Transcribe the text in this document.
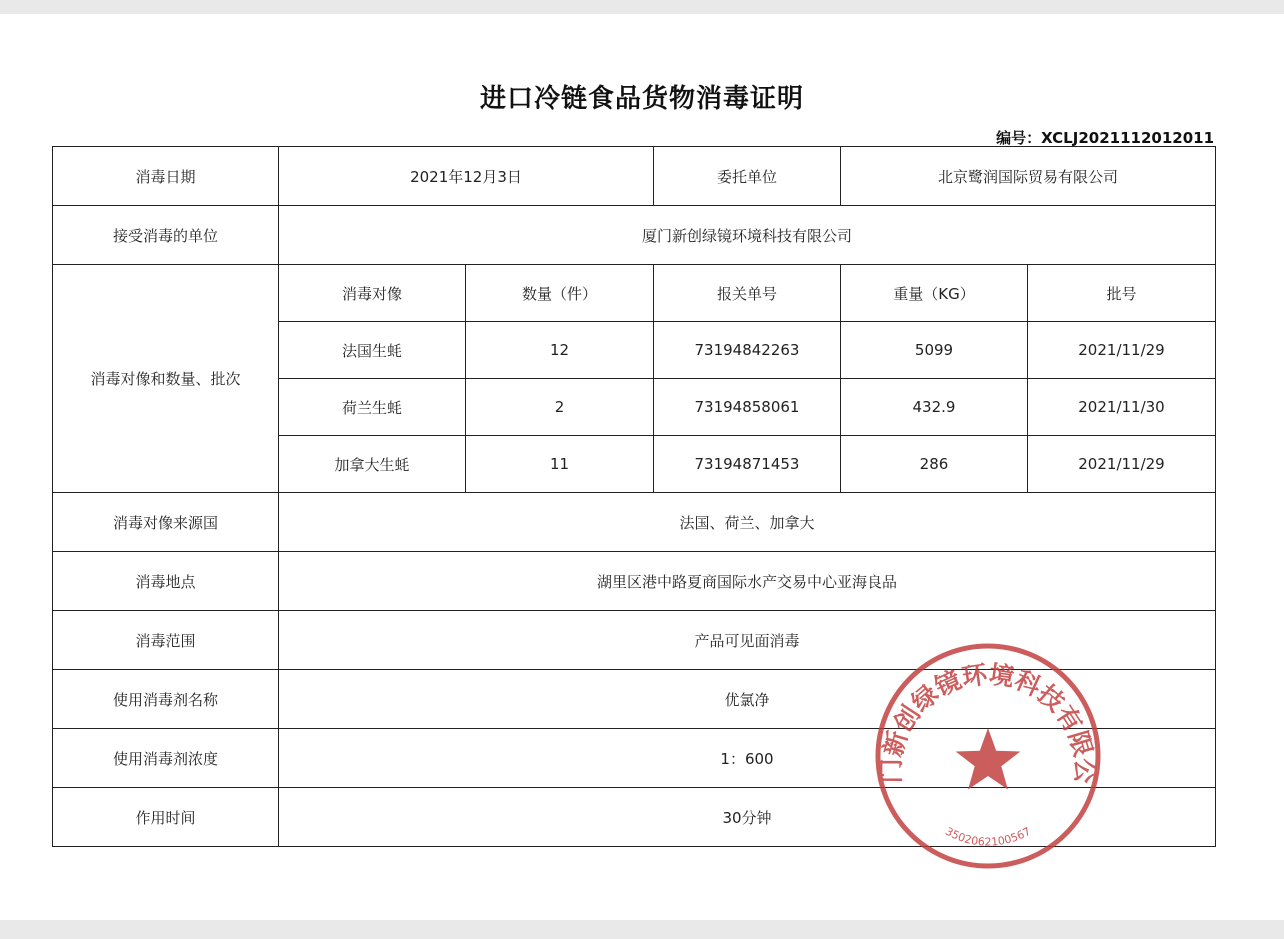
进口冷链食品货物消毒证明
编号：XCLJ2021112012011
消毒日期	2021年12月3日		委托单位	北京鹭润国际贸易有限公司	
接受消毒的单位	厦门新创绿镜环境科技有限公司				
消毒对像和数量、批次	消毒对像	数量（件）	报关单号	重量（KG）	批号
	法国生蚝	12	73194842263	5099	2021/11/29
	荷兰生蚝	2	73194858061	432.9	2021/11/30
	加拿大生蚝	11	73194871453	286	2021/11/29
消毒对像来源国	法国、荷兰、加拿大				
消毒地点	湖里区港中路夏商国际水产交易中心亚海良品				
消毒范围	产品可见面消毒				
使用消毒剂名称	优氯净				
使用消毒剂浓度	1：600				
作用时间	30分钟				
门新创绿镜环境科技有限公
3502062100567
